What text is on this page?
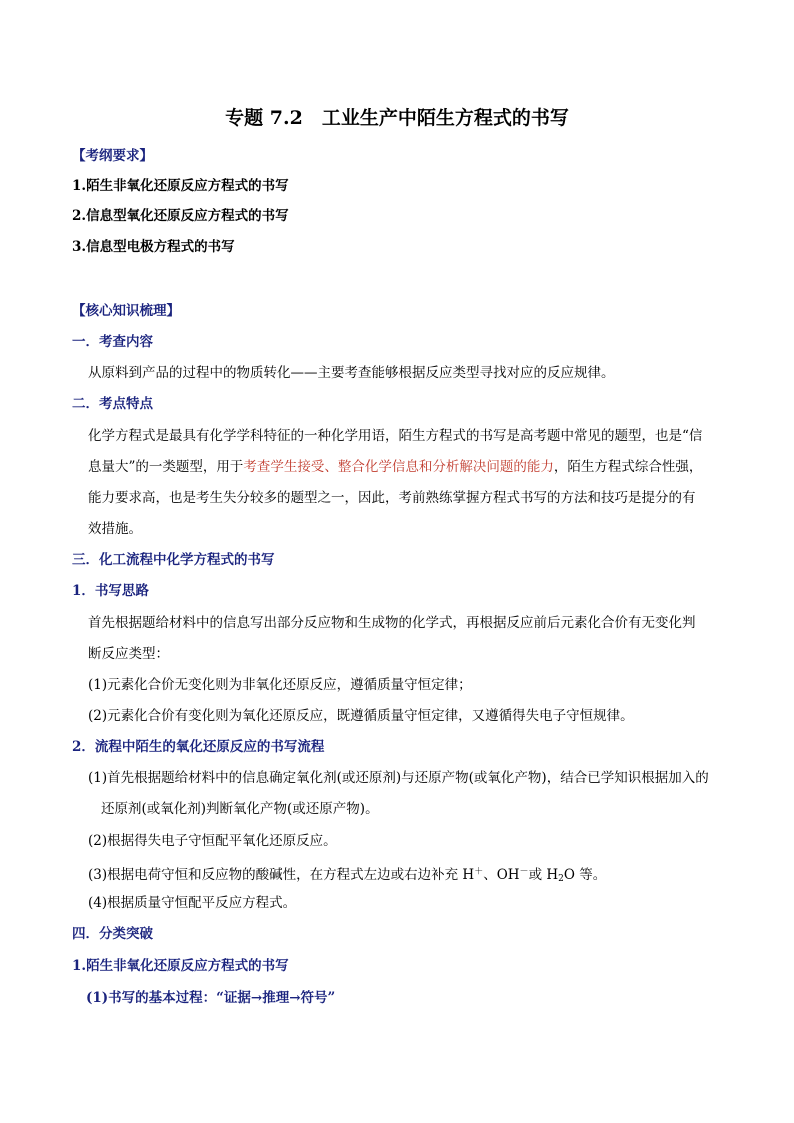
专题 7.2　工业生产中陌生方程式的书写
【考纲要求】
1.陌生非氧化还原反应方程式的书写
2.信息型氧化还原反应方程式的书写
3.信息型电极方程式的书写
【核心知识梳理】
一．考查内容
从原料到产品的过程中的物质转化——主要考查能够根据反应类型寻找对应的反应规律。
二．考点特点
化学方程式是最具有化学学科特征的一种化学用语，陌生方程式的书写是高考题中常见的题型，也是“信
息量大”的一类题型，用于考查学生接受、整合化学信息和分析解决问题的能力，陌生方程式综合性强，
能力要求高，也是考生失分较多的题型之一，因此，考前熟练掌握方程式书写的方法和技巧是提分的有
效措施。
三．化工流程中化学方程式的书写
1．书写思路
首先根据题给材料中的信息写出部分反应物和生成物的化学式，再根据反应前后元素化合价有无变化判
断反应类型：
(1)元素化合价无变化则为非氧化还原反应，遵循质量守恒定律；
(2)元素化合价有变化则为氧化还原反应，既遵循质量守恒定律，又遵循得失电子守恒规律。
2．流程中陌生的氧化还原反应的书写流程
(1)首先根据题给材料中的信息确定氧化剂(或还原剂)与还原产物(或氧化产物)，结合已学知识根据加入的
还原剂(或氧化剂)判断氧化产物(或还原产物)。
(2)根据得失电子守恒配平氧化还原反应。
(3)根据电荷守恒和反应物的酸碱性，在方程式左边或右边补充 H＋、OH－或 $H_2O$ 等。
(4)根据质量守恒配平反应方程式。
四．分类突破
1.陌生非氧化还原反应方程式的书写
(1)书写的基本过程：“证据→推理→符号”
